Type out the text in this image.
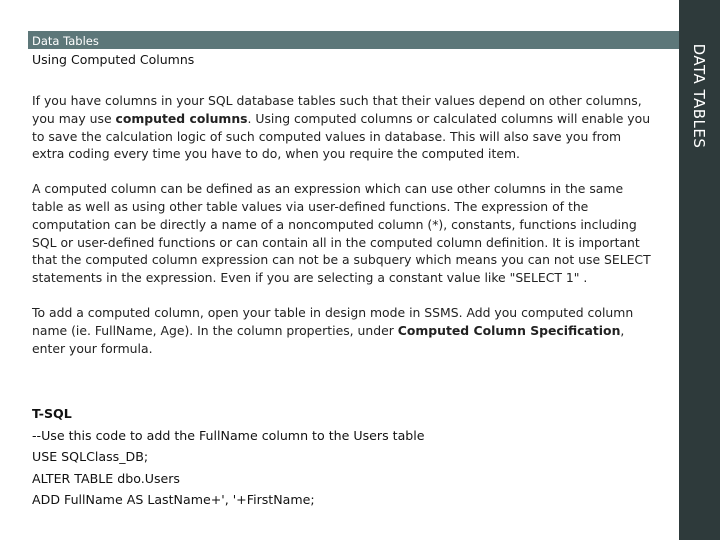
Data Tables
DATA TABLES
Using Computed Columns

If you have columns in your SQL database tables such that their values depend on other columns, you may use computed columns. Using computed columns or calculated columns will enable you to save the calculation logic of such computed values in database. This will also save you from extra coding every time you have to do, when you require the computed item.

A computed column can be defined as an expression which can use other columns in the same table as well as using other table values via user-defined functions. The expression of the computation can be directly a name of a noncomputed column (*), constants, functions including SQL or user-defined functions or can contain all in the computed column definition. It is important that the computed column expression can not be a subquery which means you can not use SELECT statements in the expression. Even if you are selecting a constant value like "SELECT 1" .

To add a computed column, open your table in design mode in SSMS. Add you computed column name (ie. FullName, Age). In the column properties, under Computed Column Specification, enter your formula.

T-SQL
--Use this code to add the FullName column to the Users table
USE SQLClass_DB;
ALTER TABLE dbo.Users
ADD FullName AS LastName+', '+FirstName;
